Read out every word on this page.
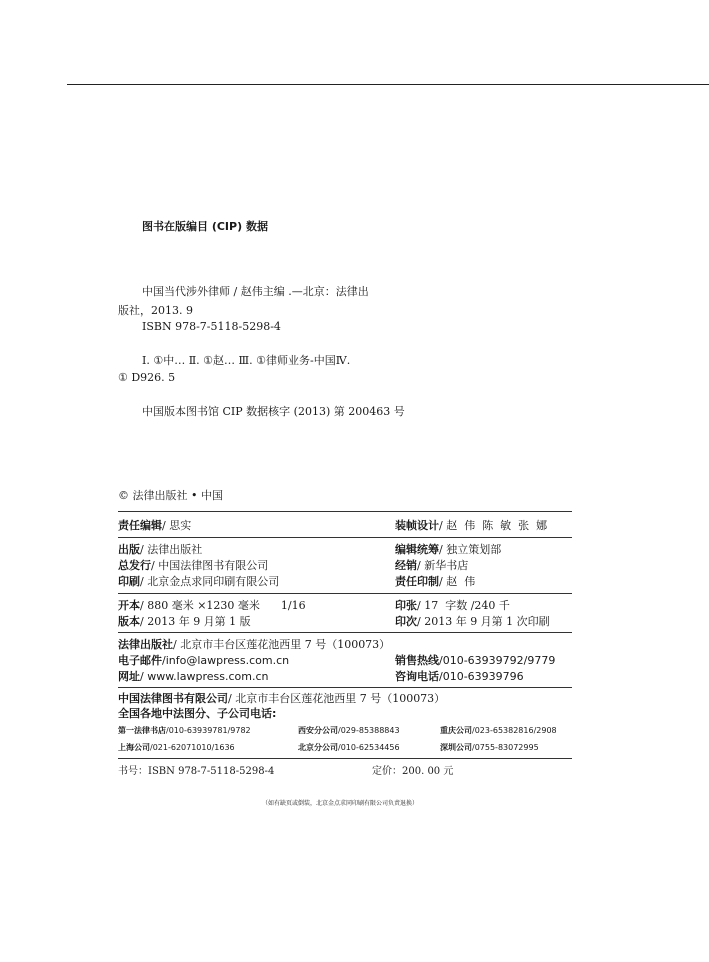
图书在版编目 (CIP) 数据
中国当代涉外律师 / 赵伟主编 .—北京：法律出
版社，2013. 9
ISBN 978-7-5118-5298-4
Ⅰ. ①中… Ⅱ. ①赵… Ⅲ. ①律师业务-中国Ⅳ.
① D926. 5
中国版本图书馆 CIP 数据核字 (2013) 第 200463 号
© 法律出版社 • 中国
责任编辑/ 思实	装帧设计/ 赵  伟  陈  敏  张  娜
出版/ 法律出版社	编辑统筹/ 独立策划部
总发行/ 中国法律图书有限公司	经销/ 新华书店
印刷/ 北京金点求同印刷有限公司	责任印制/ 赵  伟
开本/ 880 毫米 ×1230 毫米      1/16	印张/ 17  字数 /240 千
版本/ 2013 年 9 月第 1 版	印次/ 2013 年 9 月第 1 次印刷
法律出版社/ 北京市丰台区莲花池西里 7 号（100073）
电子邮件/info@lawpress.com.cn	销售热线/010-63939792/9779
网址/ www.lawpress.com.cn	咨询电话/010-63939796
中国法律图书有限公司/ 北京市丰台区莲花池西里 7 号（100073）
全国各地中法图分、子公司电话:
第一法律书店/010-63939781/9782	西安分公司/029-85388843	重庆公司/023-65382816/2908
上海公司/021-62071010/1636	北京分公司/010-62534456	深圳公司/0755-83072995
书号：ISBN 978-7-5118-5298-4	定价：200. 00 元
（如有缺页或倒装，北京金点求同印刷有限公司负责退换）
